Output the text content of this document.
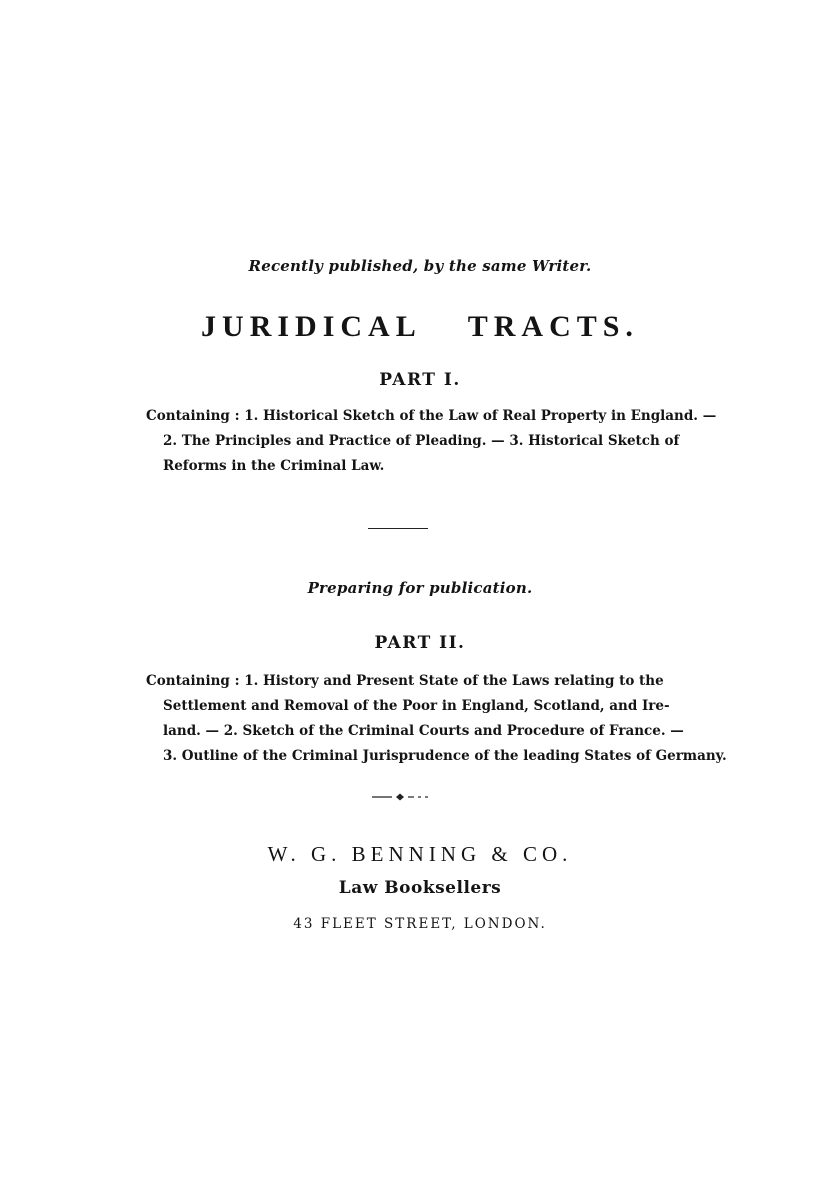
Recently published, by the same Writer.
JURIDICAL TRACTS.
PART I.
Containing : 1. Historical Sketch of the Law of Real Property in England. —
2. The Principles and Practice of Pleading. — 3. Historical Sketch of
Reforms in the Criminal Law.
Preparing for publication.
PART II.
Containing : 1. History and Present State of the Laws relating to the
Settlement and Removal of the Poor in England, Scotland, and Ire-
land. — 2. Sketch of the Criminal Courts and Procedure of France. —
3. Outline of the Criminal Jurisprudence of the leading States of Germany.
W. G. BENNING & CO.
Law Booksellers
43 FLEET STREET, LONDON.
